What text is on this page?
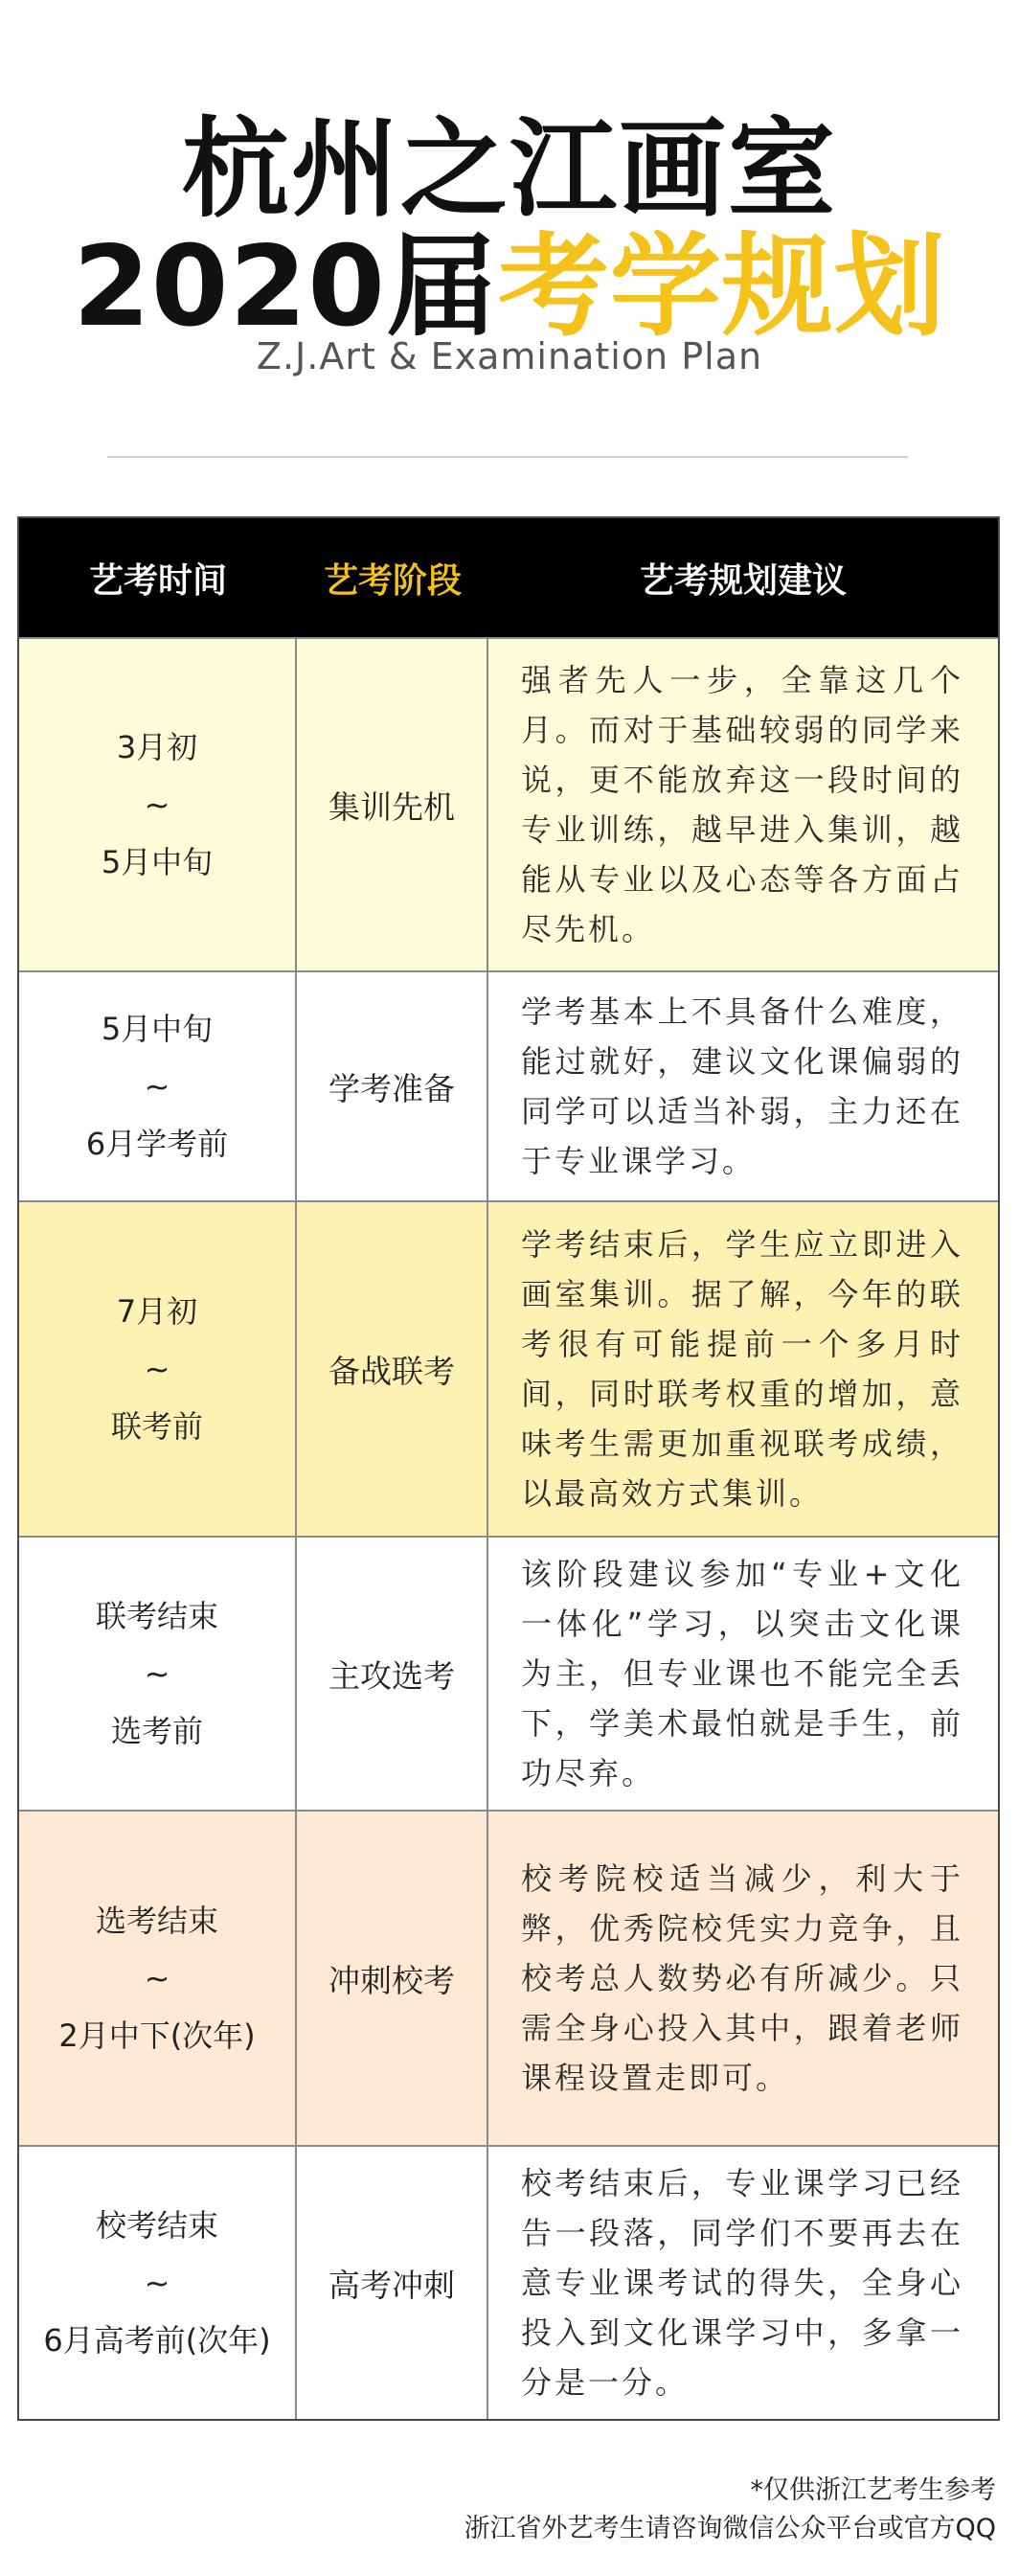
杭州之江画室
2020届考学规划
Z.J.Art & Examination Plan
艺考时间	艺考阶段	艺考规划建议
3月初
~
5月中旬
集训先机
强者先人一步，全靠这几个月。而对于基础较弱的同学来说，更不能放弃这一段时间的专业训练，越早进入集训，越能从专业以及心态等各方面占尽先机。
5月中旬
~
6月学考前
学考准备
学考基本上不具备什么难度，能过就好，建议文化课偏弱的同学可以适当补弱，主力还在于专业课学习。
7月初
~
联考前
备战联考
学考结束后，学生应立即进入画室集训。据了解，今年的联考很有可能提前一个多月时间，同时联考权重的增加，意味考生需更加重视联考成绩，以最高效方式集训。
联考结束
~
选考前
主攻选考
该阶段建议参加“专业+文化一体化”学习，以突击文化课为主，但专业课也不能完全丢下，学美术最怕就是手生，前功尽弃。
选考结束
~
2月中下(次年)
冲刺校考
校考院校适当减少，利大于弊，优秀院校凭实力竞争，且校考总人数势必有所减少。只需全身心投入其中，跟着老师课程设置走即可。
校考结束
~
6月高考前(次年)
高考冲刺
校考结束后，专业课学习已经告一段落，同学们不要再去在意专业课考试的得失，全身心投入到文化课学习中，多拿一分是一分。
*仅供浙江艺考生参考
浙江省外艺考生请咨询微信公众平台或官方QQ
